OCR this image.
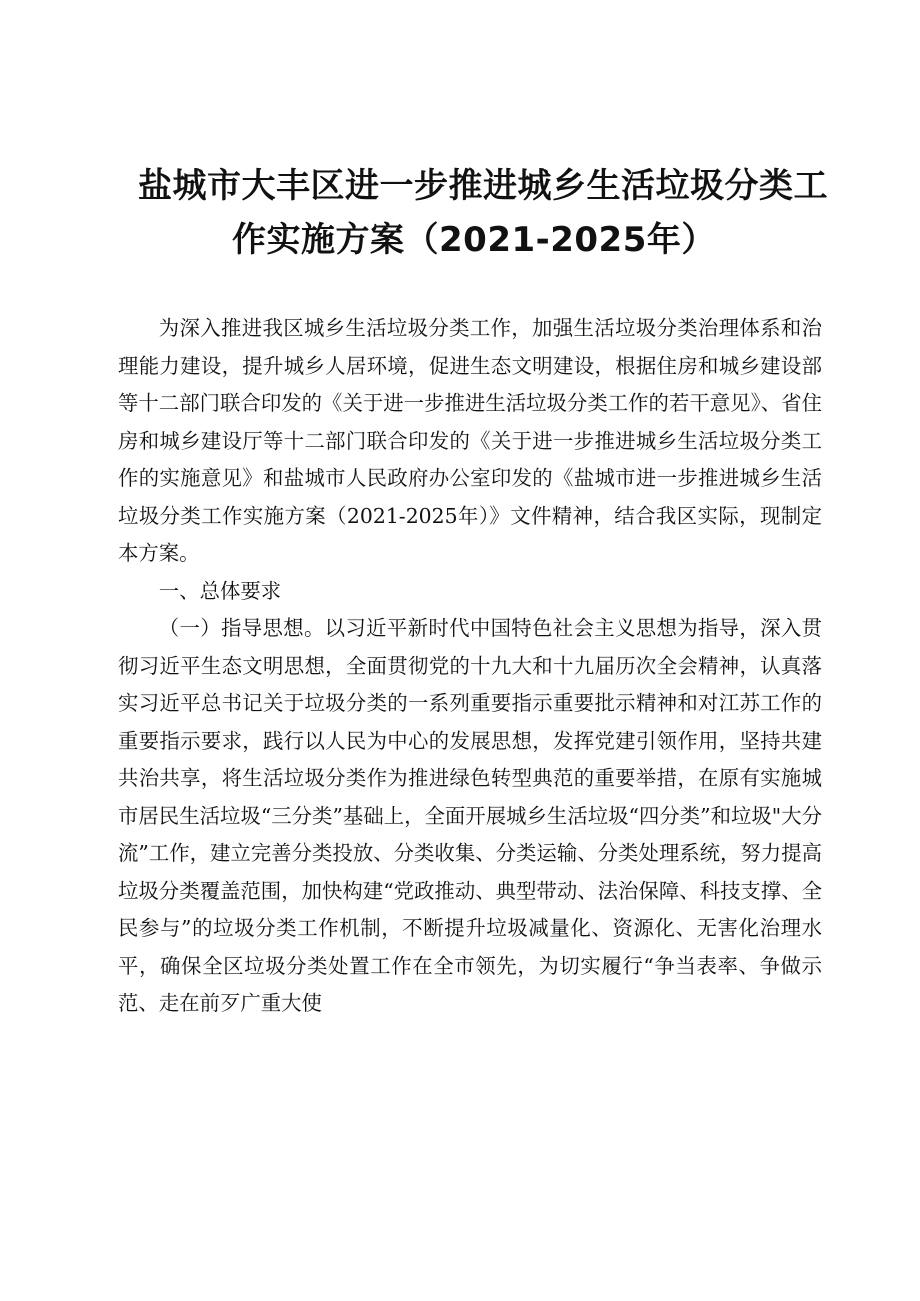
盐城市大丰区进一步推进城乡生活垃圾分类工
作实施方案（2021-2025年）

为深入推进我区城乡生活垃圾分类工作，加强生活垃圾分类治理体系和治理能力建设，提升城乡人居环境，促进生态文明建设，根据住房和城乡建设部等十二部门联合印发的《关于进一步推进生活垃圾分类工作的若干意见》、省住房和城乡建设厅等十二部门联合印发的《关于进一步推进城乡生活垃圾分类工作的实施意见》和盐城市人民政府办公室印发的《盐城市进一步推进城乡生活垃圾分类工作实施方案（2021-2025年）》文件精神，结合我区实际，现制定本方案。

一、总体要求

（一）指导思想。以习近平新时代中国特色社会主义思想为指导，深入贯彻习近平生态文明思想，全面贯彻党的十九大和十九届历次全会精神，认真落实习近平总书记关于垃圾分类的一系列重要指示重要批示精神和对江苏工作的重要指示要求，践行以人民为中心的发展思想，发挥党建引领作用，坚持共建共治共享，将生活垃圾分类作为推进绿色转型典范的重要举措，在原有实施城市居民生活垃圾“三分类”基础上，全面开展城乡生活垃圾“四分类”和垃圾"大分流”工作，建立完善分类投放、分类收集、分类运输、分类处理系统，努力提高垃圾分类覆盖范围，加快构建“党政推动、典型带动、法治保障、科技支撑、全民参与”的垃圾分类工作机制，不断提升垃圾减量化、资源化、无害化治理水平，确保全区垃圾分类处置工作在全市领先，为切实履行“争当表率、争做示范、走在前歹广重大使
